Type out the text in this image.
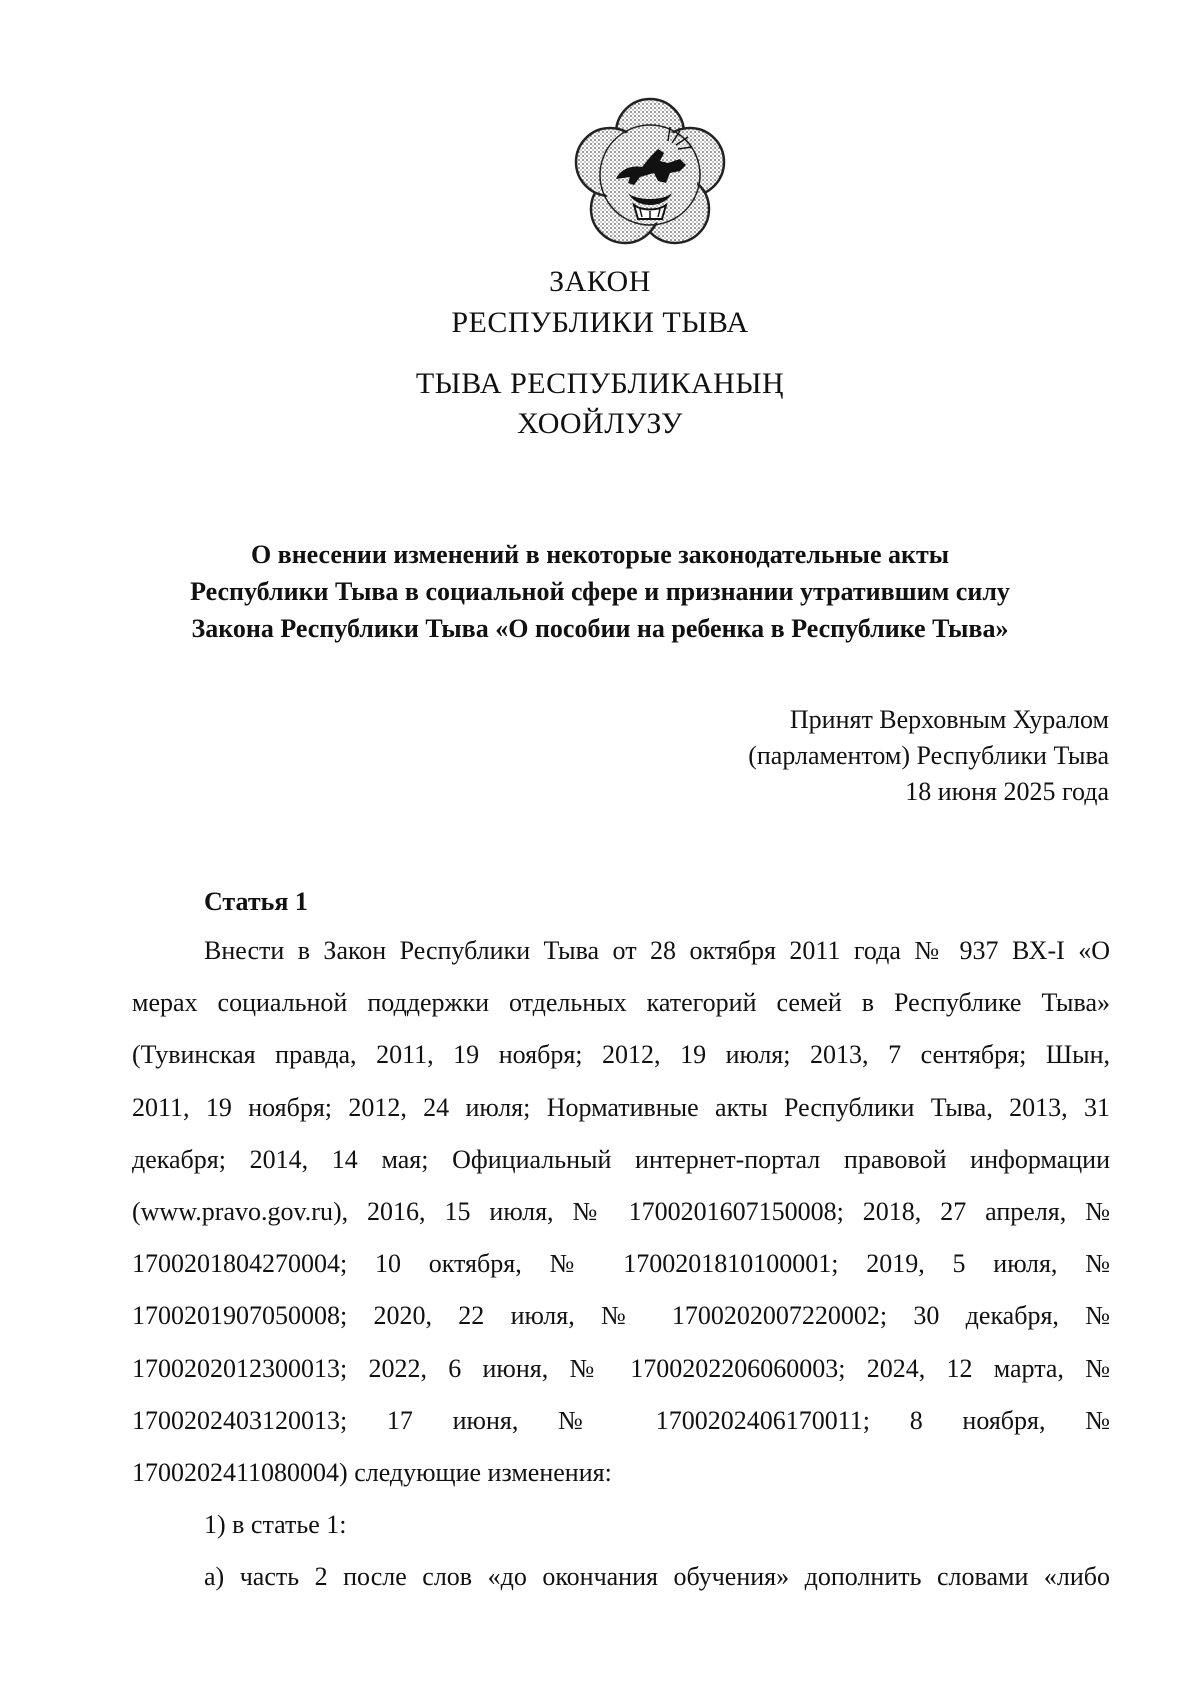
ЗАКОН
РЕСПУБЛИКИ ТЫВА
ТЫВА РЕСПУБЛИКАНЫҢ
ХООЙЛУЗУ
О внесении изменений в некоторые законодательные акты
Республики Тыва в социальной сфере и признании утратившим силу
Закона Республики Тыва «О пособии на ребенка в Республике Тыва»
Принят Верховным Хуралом
(парламентом) Республики Тыва
18 июня 2025 года
Статья 1

Внести в Закон Республики Тыва от 28 октября 2011 года № 937 ВХ-I «О

мерах социальной поддержки отдельных категорий семей в Республике Тыва»

(Тувинская правда, 2011, 19 ноября; 2012, 19 июля; 2013, 7 сентября; Шын,

2011, 19 ноября; 2012, 24 июля; Нормативные акты Республики Тыва, 2013, 31

декабря; 2014, 14 мая; Официальный интернет-портал правовой информации

(www.pravo.gov.ru), 2016, 15 июля, № 1700201607150008; 2018, 27 апреля, №

1700201804270004; 10 октября, № 1700201810100001; 2019, 5 июля, №

1700201907050008; 2020, 22 июля, № 1700202007220002; 30 декабря, №

1700202012300013; 2022, 6 июня, № 1700202206060003; 2024, 12 марта, №

1700202403120013; 17 июня, № 1700202406170011; 8 ноября, №

1700202411080004) следующие изменения:

1) в статье 1:

а) часть 2 после слов «до окончания обучения» дополнить словами «либо
